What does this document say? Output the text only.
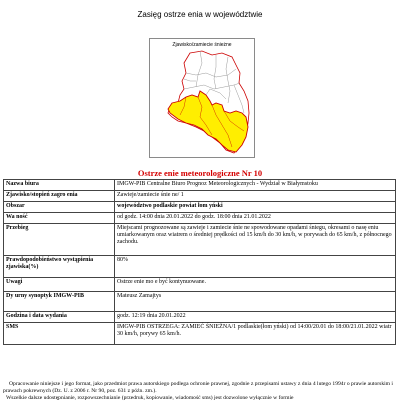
Zasięg ostrze enia w województwie
Zjawisko/zamiecie śnieżne
Ostrze enie meteorologiczne Nr 10
Nazwa biura	IMGW-PIB Centralne Biuro Prognoz Meteorologicznych - Wydział w Białymstoku
Zjawisko/stopień zagro enia	Zawieje/zamiecie śnie ne/ 1
Obszar	województwo podlaskie powiat łom yński
Wa ność	od godz. 14:00 dnia 20.01.2022 do godz. 18:00 dnia 21.01.2022
Przebieg	Miejscami prognozowane są zawieje i zamiecie śnie ne spowodowane opadami śniegu, okresami o nasę eniu umiarkowanym oraz wiatrem o średniej prędkości od 15 km/h do 30 km/h, w porywach do 65 km/h, z północnego zachodu.
Prawdopodobieństwo wystąpienia zjawiska(%)	80%
Uwagi	Ostrze enie mo e być kontynuowane.
Dy urny synoptyk IMGW-PIB	Mateusz Zamajtys
Godzina i data wydania	godz. 12:19 dnia 20.01.2022
SMS	IMGW-PIB OSTRZEGA: ZAMIEĆ ŚNIEŻNA/1 podlaskie(łom yński) od 14:00/20.01 do 18:00/21.01.2022 wiatr 30 km/h, porywy 65 km/h.

Opracowanie niniejsze i jego format, jako przedmiot prawa autorskiego podlega ochronie prawnej, zgodnie z przepisami ustawy z dnia 4 lutego 1994r o prawie autorskim i prawach pokrewnych (Dz. U. z 2006 r. Nr 90, poz. 631 z późn. zm.).

Wszelkie dalsze udostępnianie, rozpowszechnianie (przedruk, kopiowanie, wiadomość sms) jest dozwolone wyłącznie w formie
